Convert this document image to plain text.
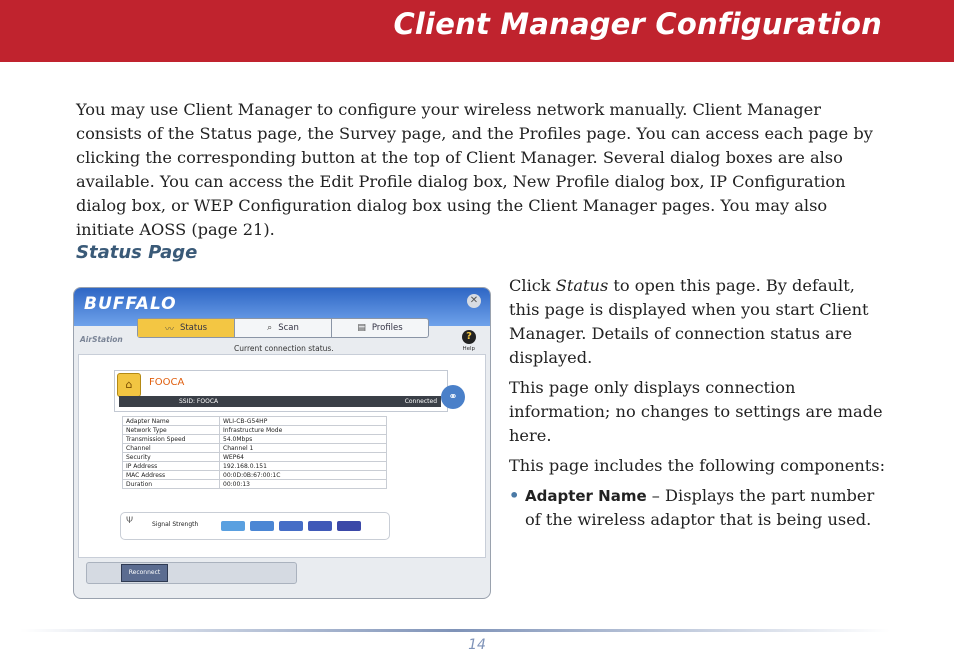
Client Manager Configuration

You may use Client Manager to configure your wireless network manually. Client Manager consists of the Status page, the Survey page, and the Profiles page. You can access each page by clicking the corresponding button at the top of Client Manager. Several dialog boxes are also available. You can access the Edit Profile dialog box, New Profile dialog box, IP Configuration dialog box, or WEP Configuration dialog box using the Client Manager pages. You may also initiate AOSS (page 21).

Status Page
BUFFALO	✕
〰 Status	⌕ Scan	▤ Profiles
AirStation
Current connection status.
?
Help
⌂	FOOCA
SSID: FOOCA	Connected	⚭
Adapter Name	WLI-CB-G54HP
Network Type	Infrastructure Mode
Transmission Speed	54.0Mbps
Channel	Channel 1
Security	WEP64
IP Address	192.168.0.151
MAC Address	00:0D:0B:67:00:1C
Duration	00:00:13
Ψ	Signal Strength
Reconnect

Click Status to open this page. By default, this page is displayed when you start Client Manager. Details of connection status are displayed.

This page only displays connection information; no changes to settings are made here.

This page includes the following components:

• Adapter Name – Displays the part number of the wireless adaptor that is being used.
14
